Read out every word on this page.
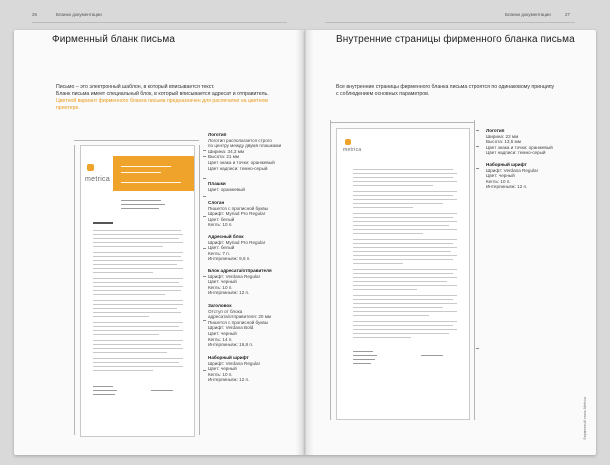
26	Бланки документации
Фирменный бланк письма
Письмо – это электронный шаблон, в который вписывается текст.
Бланк письма имеет специальный блок, в который вписывается адресат и отправитель.
Цветной вариант фирменного бланка письма предназначен для распечатки на цветном
принтере.
metrica
Логотип
Логотип располагается строго
по центру между двумя плашками
Ширина: 34,3 мм
Высота: 21 мм
Цвет знака и точки: оранжевый
Цвет надписи: темно-серый
Плашки
Цвет: оранжевый
Слоган
Пишется с прописной буквы
Шрифт: Myriad Pro Regular
Цвет: белый
Кегль: 10 п.
Адресный блок
Шрифт: Myriad Pro Regular
Цвет: белый
Кегль: 7 п.
Интерлиньяж: 9,6 п.
Блок адресата/отправителя
Шрифт: Verdana Regular
Цвет: черный
Кегль: 10 п.
Интерлиньяж: 12 п.
Заголовок
Отступ от блока
адресата/отправителя: 20 мм
Пишется с прописной буквы
Шрифт: Verdana Bold
Цвет: черный
Кегль: 14 п.
Интерлиньяж: 16,8 п.
Наборный шрифт
Шрифт: Verdana Regular
Цвет: черный
Кегль: 10 п.
Интерлиньяж: 12 п.
Бланки документации	27
Внутренние страницы фирменного бланка письма
Все внутренние страницы фирменного бланка письма строятся по одинаковому принципу
с соблюдением основных параметров.
metrica
Логотип
Ширина: 22 мм
Высота: 13,5 мм
Цвет знака и точки: оранжевый
Цвет надписи: темно-серый
Наборный шрифт
Шрифт: Verdana Regular
Цвет: черный
Кегль: 10 п.
Интерлиньяж: 12 п.
Фирменный стиль Metrica
